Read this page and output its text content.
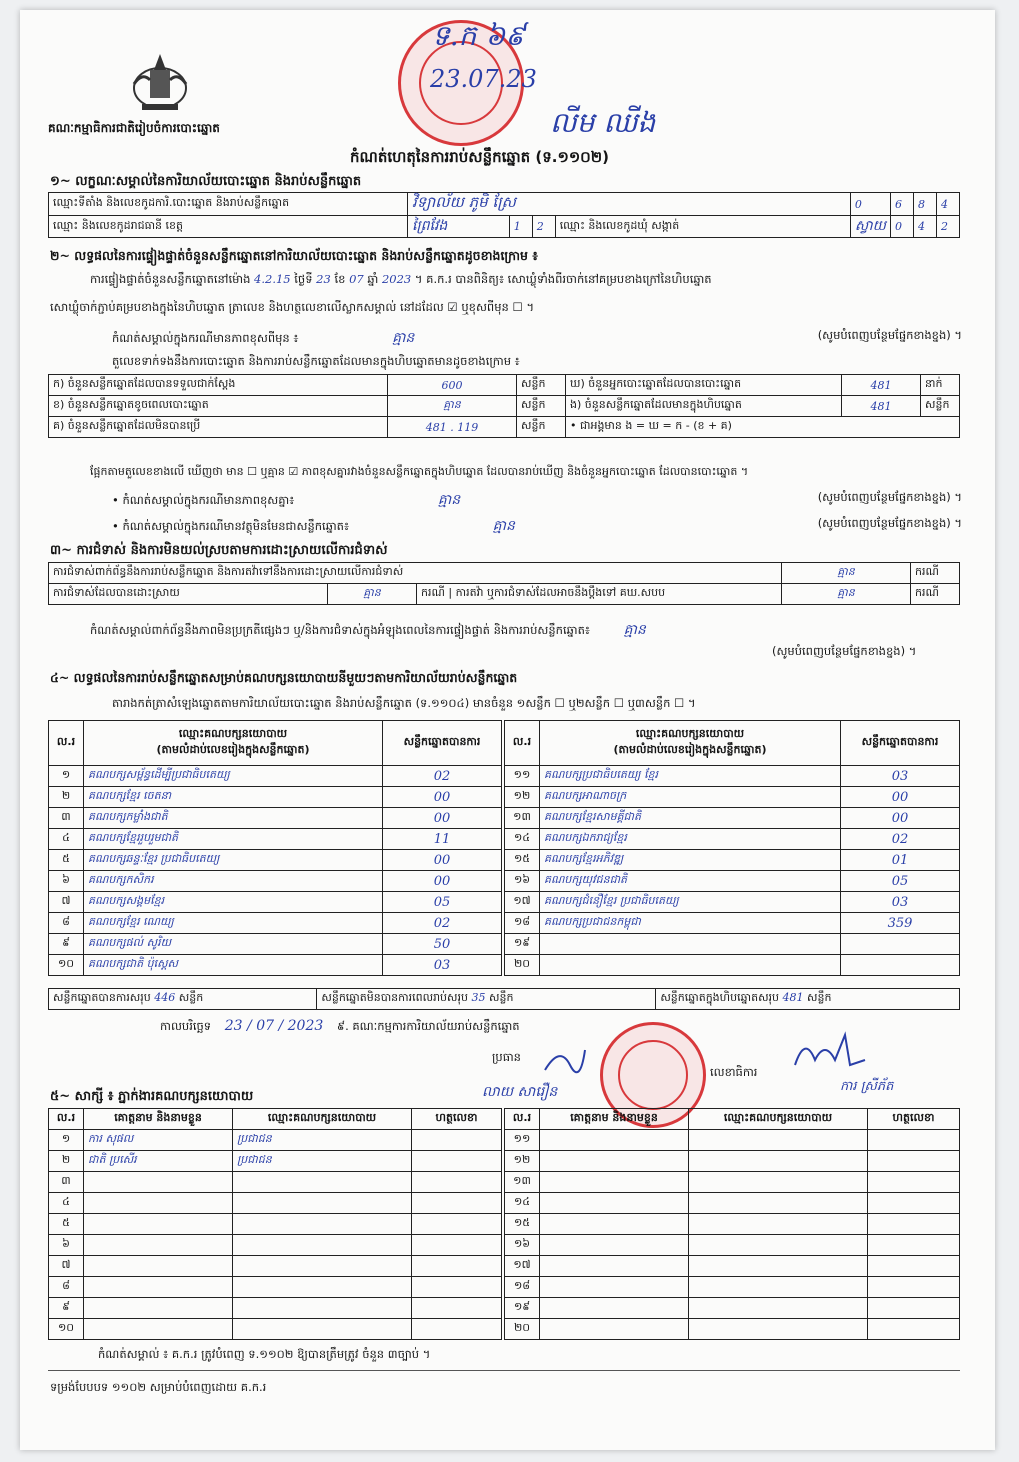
គណៈកម្មាធិការជាតិរៀបចំការបោះឆ្នោត
ទ.ក ៦៩
23.07.23
លីម ឈីង
កំណត់ហេតុនៃការរាប់សន្លឹកឆ្នោត (ទ.១១០២)
១~ លក្ខណៈសម្គាល់នៃការិយាល័យបោះឆ្នោត និងរាប់សន្លឹកឆ្នោត
ឈ្មោះទីតាំង និងលេខកូដការិ.បោះឆ្នោត និងរាប់សន្លឹកឆ្នោត	វិទ្យាល័យ ភូមិ ស្រែ				0	6	8	4
ឈ្មោះ និងលេខកូដរាជធានី ខេត្ត	ព្រៃវែង	1	2	ឈ្មោះ និងលេខកូដឃុំ សង្កាត់	ស្វាយ	0	4	2
២~ លទ្ធផលនៃការផ្ទៀងផ្ទាត់ចំនួនសន្លឹកឆ្នោតនៅការិយាល័យបោះឆ្នោត និងរាប់សន្លឹកឆ្នោតដូចខាងក្រោម ៖
ការផ្ទៀងផ្ទាត់ចំនួនសន្លឹកឆ្នោតនៅម៉ោង 4.2.15 ថ្ងៃទី 23 ខែ 07 ឆ្នាំ 2023 ។ គ.ក.រ បានពិនិត្យ៖ សោឃ្លុំទាំងពីរចាក់នៅគម្របខាងក្រៅនៃហិបឆ្នោត
សោឃ្លុំចាក់ភ្ជាប់គម្របខាងក្នុងនៃហិបឆ្នោត ត្រាលេខ និងហត្ថលេខាលើស្លាកសម្គាល់ នៅដដែល ☑ ឬខុសពីមុន ☐ ។
កំណត់សម្គាល់ក្នុងករណីមានភាពខុសពីមុន ៖	គ្មាន	(សូមបំពេញបន្ថែមផ្នែកខាងខ្នង) ។
តួលេខទាក់ទងនឹងការបោះឆ្នោត និងការរាប់សន្លឹកឆ្នោតដែលមានក្នុងហិបឆ្នោតមានដូចខាងក្រោម ៖
ក) ចំនួនសន្លឹកឆ្នោតដែលបានទទួលជាក់ស្តែង	600	សន្លឹក	ឃ) ចំនួនអ្នកបោះឆ្នោតដែលបានបោះឆ្នោត	481	នាក់
ខ) ចំនួនសន្លឹកឆ្នោតខូចពេលបោះឆ្នោត	គ្មាន	សន្លឹក	ង) ចំនួនសន្លឹកឆ្នោតដែលមានក្នុងហិបឆ្នោត	481	សន្លឹក
គ) ចំនួនសន្លឹកឆ្នោតដែលមិនបានប្រើ	481 . 119	សន្លឹក	• ជាអង្គមាន ង = ឃ = ក - (ខ + គ)		
ផ្អែកតាមតួលេខខាងលើ ឃើញថា មាន ☐ ឬគ្មាន ☑ ភាពខុសគ្នារវាងចំនួនសន្លឹកឆ្នោតក្នុងហិបឆ្នោត ដែលបានរាប់ឃើញ និងចំនួនអ្នកបោះឆ្នោត ដែលបានបោះឆ្នោត ។
• កំណត់សម្គាល់ក្នុងករណីមានភាពខុសគ្នា៖	គ្មាន	(សូមបំពេញបន្ថែមផ្នែកខាងខ្នង) ។
• កំណត់សម្គាល់ក្នុងករណីមានវត្ថុមិនមែនជាសន្លឹកឆ្នោត៖	គ្មាន	(សូមបំពេញបន្ថែមផ្នែកខាងខ្នង) ។
៣~ ការជំទាស់ និងការមិនយល់ស្របតាមការដោះស្រាយលើការជំទាស់
ការជំទាស់ពាក់ព័ន្ធនឹងការរាប់សន្លឹកឆ្នោត និងការតវ៉ាទៅនឹងការដោះស្រាយលើការជំទាស់			គ្មាន	ករណី
ការជំទាស់ដែលបានដោះស្រាយ	គ្មាន	ករណី | ការតវ៉ា ឬការជំទាស់ដែលអាចនឹងប្តឹងទៅ គឃ.សបប	គ្មាន	ករណី
កំណត់សម្គាល់ពាក់ព័ន្ធនឹងភាពមិនប្រក្រតីផ្សេងៗ ឬ/និងការជំទាស់ក្នុងអំឡុងពេលនៃការផ្ទៀងផ្ទាត់ និងការរាប់សន្លឹកឆ្នោត៖ គ្មាន
(សូមបំពេញបន្ថែមផ្នែកខាងខ្នង) ។
៤~ លទ្ធផលនៃការរាប់សន្លឹកឆ្នោតសម្រាប់គណបក្សនយោបាយនីមួយៗតាមការិយាល័យរាប់សន្លឹកឆ្នោត
តារាងកត់ត្រាសំឡេងឆ្នោតតាមការិយាល័យបោះឆ្នោត និងរាប់សន្លឹកឆ្នោត (ទ.១១០៤) មានចំនួន ១សន្លឹក ☐ ឬ២សន្លឹក ☐ ឬ៣សន្លឹក ☐ ។
ល.រ	ឈ្មោះគណបក្សនយោបាយ
(តាមលំដាប់លេខរៀងក្នុងសន្លឹកឆ្នោត)	សន្លឹកឆ្នោតបានការ
១	គណបក្សសម្ព័ន្ធដើម្បីប្រជាធិបតេយ្យ	02
២	គណបក្សខ្មែរ ចេតនា	00
៣	គណបក្សកម្លាំងជាតិ	00
៤	គណបក្សខ្មែររួបរួមជាតិ	11
៥	គណបក្សឆន្ទៈខ្មែរ ប្រជាធិបតេយ្យ	00
៦	គណបក្សកសិករ	00
៧	គណបក្សសង្គមខ្មែរ	05
៨	គណបក្សខ្មែរ ណេយ្យ	02
៩	គណបក្សផល់ សូរិយ	50
១០	គណបក្សជាតិ ប៉ុស្តេស	03
ល.រ	ឈ្មោះគណបក្សនយោបាយ
(តាមលំដាប់លេខរៀងក្នុងសន្លឹកឆ្នោត)	សន្លឹកឆ្នោតបានការ
១១	គណបក្សប្រជាធិបតេយ្យ ខ្មែរ	03
១២	គណបក្សអាណាចក្រ	00
១៣	គណបក្សខ្មែរសាមគ្គីជាតិ	00
១៤	គណបក្សឯករាជ្យខ្មែរ	02
១៥	គណបក្សខ្មែរអភិវឌ្ឍ	01
១៦	គណបក្សយុវជនជាតិ	05
១៧	គណបក្សជំនឿខ្មែរ ប្រជាធិបតេយ្យ	03
១៨	គណបក្សប្រជាជនកម្ពុជា	359
១៩		
២០		
សន្លឹកឆ្នោតបានការសរុប 446 សន្លឹក	សន្លឹកឆ្នោតមិនបានការពេលរាប់សរុប 35 សន្លឹក	សន្លឹកឆ្នោតក្នុងហិបឆ្នោតសរុប 481 សន្លឹក
កាលបរិច្ឆេទ 23 / 07 / 2023 ៩. គណៈកម្មការការិយាល័យរាប់សន្លឹកឆ្នោត
ប្រធាន
លេខាធិការ
លាយ សារឿន	ការ ស្រីភ័ត
៥~ សាក្សី ៖ ភ្នាក់ងារគណបក្សនយោបាយ
ល.រ	គោត្តនាម និងនាមខ្លួន	ឈ្មោះគណបក្សនយោបាយ	ហត្ថលេខា
១	ការ សុផល	ប្រជាជន	
២	ជាតិ ប្រសើរ	ប្រជាជន	
៣			
៤			
៥			
៦			
៧			
៨			
៩			
១០			
ល.រ	គោត្តនាម និងនាមខ្លួន	ឈ្មោះគណបក្សនយោបាយ	ហត្ថលេខា
១១			
១២			
១៣			
១៤			
១៥			
១៦			
១៧			
១៨			
១៩			
២០			
កំណត់សម្គាល់ ៖ គ.ក.រ ត្រូវបំពេញ ទ.១១០២ ឱ្យបានត្រឹមត្រូវ ចំនួន ៣ច្បាប់ ។
ទម្រង់បែបបទ ១១០២ សម្រាប់បំពេញដោយ គ.ក.រ
